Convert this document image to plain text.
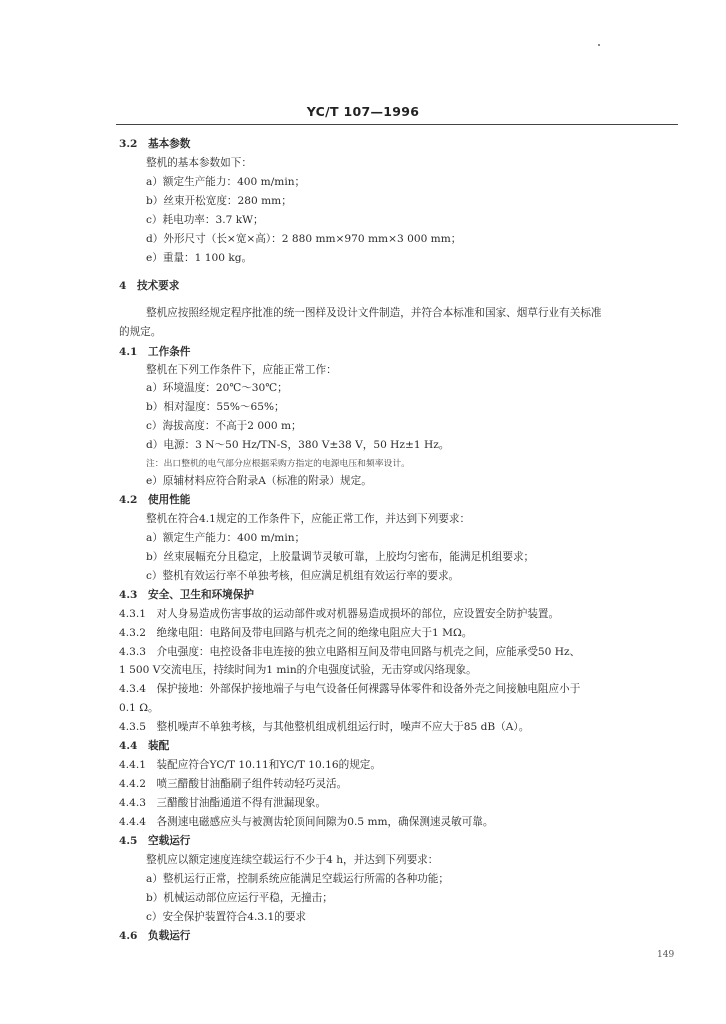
YC/T 107—1996
3.2　基本参数
整机的基本参数如下：
a）额定生产能力：400 m/min；
b）丝束开松宽度：280 mm；
c）耗电功率：3.7 kW；
d）外形尺寸（长×宽×高）：2 880 mm×970 mm×3 000 mm；
e）重量：1 100 kg。
4　技术要求
整机应按照经规定程序批准的统一图样及设计文件制造，并符合本标准和国家、烟草行业有关标准
的规定。
4.1　工作条件
整机在下列工作条件下，应能正常工作：
a）环境温度：20℃～30℃；
b）相对湿度：55%～65%；
c）海拔高度：不高于2 000 m；
d）电源：3 N～50 Hz/TN-S，380 V±38 V，50 Hz±1 Hz。
注：出口整机的电气部分应根据采购方指定的电源电压和频率设计。
e）原辅材料应符合附录A（标准的附录）规定。
4.2　使用性能
整机在符合4.1规定的工作条件下，应能正常工作，并达到下列要求：
a）额定生产能力：400 m/min；
b）丝束展幅充分且稳定，上胶量调节灵敏可靠，上胶均匀密布，能满足机组要求；
c）整机有效运行率不单独考核，但应满足机组有效运行率的要求。
4.3　安全、卫生和环境保护
4.3.1　对人身易造成伤害事故的运动部件或对机器易造成损坏的部位，应设置安全防护装置。
4.3.2　绝缘电阻：电路间及带电回路与机壳之间的绝缘电阻应大于1 MΩ。
4.3.3　介电强度：电控设备非电连接的独立电路相互间及带电回路与机壳之间，应能承受50 Hz、
1 500 V交流电压，持续时间为1 min的介电强度试验，无击穿或闪络现象。
4.3.4　保护接地：外部保护接地端子与电气设备任何裸露导体零件和设备外壳之间接触电阻应小于
0.1 Ω。
4.3.5　整机噪声不单独考核，与其他整机组成机组运行时，噪声不应大于85 dB（A）。
4.4　装配
4.4.1　装配应符合YC/T 10.11和YC/T 10.16的规定。
4.4.2　喷三醋酸甘油酯刷子组件转动轻巧灵活。
4.4.3　三醋酸甘油酯通道不得有泄漏现象。
4.4.4　各测速电磁感应头与被测齿轮顶间间隙为0.5 mm，确保测速灵敏可靠。
4.5　空载运行
整机应以额定速度连续空载运行不少于4 h，并达到下列要求：
a）整机运行正常，控制系统应能满足空载运行所需的各种功能；
b）机械运动部位应运行平稳，无撞击；
c）安全保护装置符合4.3.1的要求
4.6　负载运行
149
